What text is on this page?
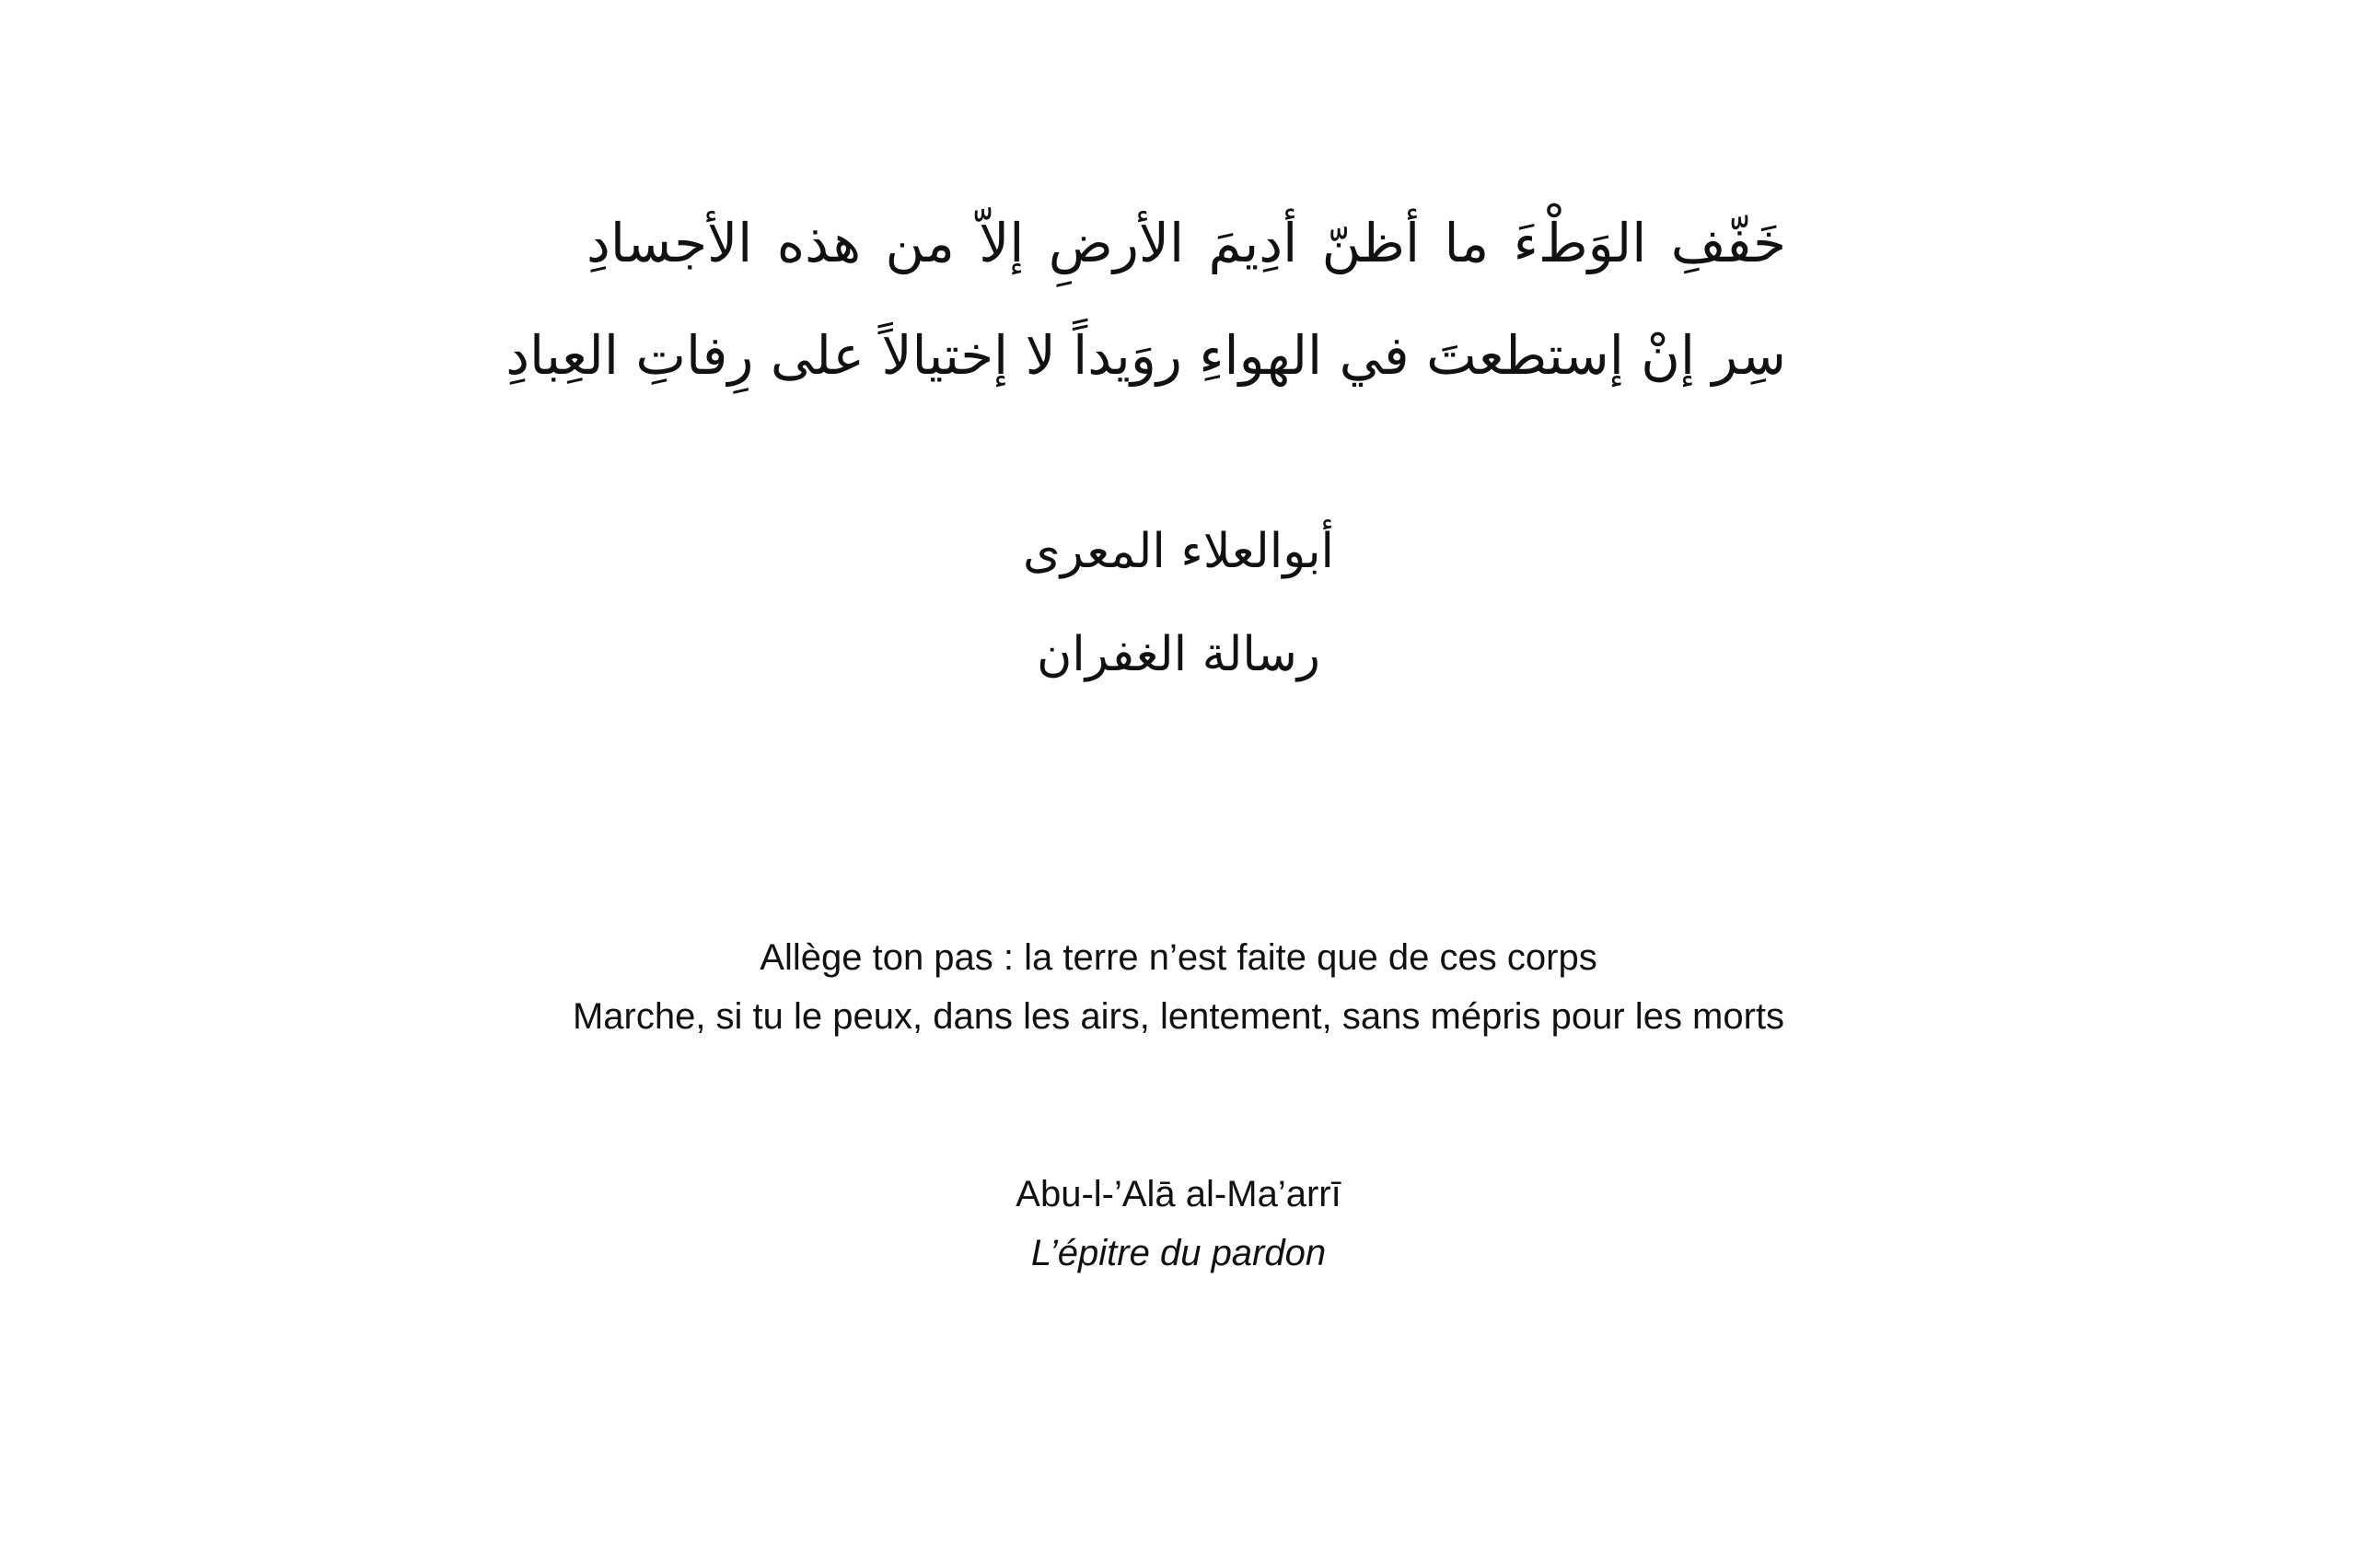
خَفّفِ الوَطْءَ ما أظنّ أدِيمَ الأرضِ إلاّ من هذه الأجسادِ
سِر إنْ إستطعتَ في الهواءِ روَيداً لا إختيالاً على رِفاتِ العِبادِ
أبوالعلاء المعرى
رسالة الغفران
Allège ton pas : la terre n’est faite que de ces corps
Marche, si tu le peux, dans les airs, lentement, sans mépris pour les morts
Abu-l-’Alā al-Ma’arrī
L’épitre du pardon
